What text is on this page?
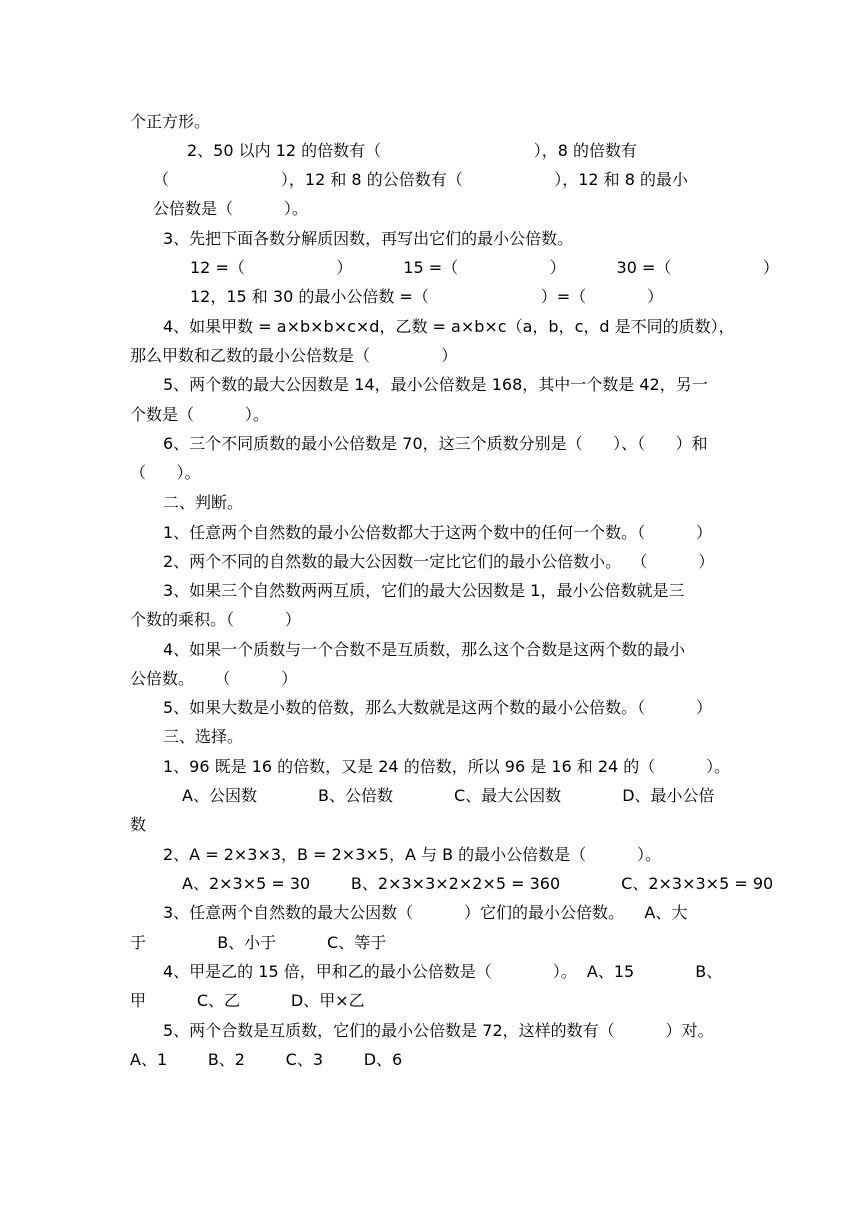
个正方形。
2、50 以内 12 的倍数有（                              ），8 的倍数有
（                      ），12 和 8 的公倍数有（                  ），12 和 8 的最小
公倍数是（          ）。
3、先把下面各数分解质因数，再写出它们的最小公倍数。
12 =（                  ）          15 =（                  ）          30 =（                  ）
12，15 和 30 的最小公倍数 =（                      ）=（            ）
4、如果甲数 = a×b×b×c×d，乙数 = a×b×c（a，b，c，d 是不同的质数），
那么甲数和乙数的最小公倍数是（              ）
5、两个数的最大公因数是 14，最小公倍数是 168，其中一个数是 42，另一
个数是（          ）。
6、三个不同质数的最小公倍数是 70，这三个质数分别是（      ）、（      ）和
（      ）。
二、判断。
1、任意两个自然数的最小公倍数都大于这两个数中的任何一个数。（          ）
2、两个不同的自然数的最大公因数一定比它们的最小公倍数小。  （          ）
3、如果三个自然数两两互质，它们的最大公因数是 1，最小公倍数就是三
个数的乘积。（          ）
4、如果一个质数与一个合数不是互质数，那么这个合数是这两个数的最小
公倍数。    （          ）
5、如果大数是小数的倍数，那么大数就是这两个数的最小公倍数。（          ）
三、选择。
1、96 既是 16 的倍数，又是 24 的倍数，所以 96 是 16 和 24 的（          ）。
A、公因数            B、公倍数            C、最大公因数            D、最小公倍
数
2、A = 2×3×3，B = 2×3×5，A 与 B 的最小公倍数是（          ）。
A、2×3×5 = 30        B、2×3×3×2×2×5 = 360            C、2×3×3×5 = 90
3、任意两个自然数的最大公因数（          ）它们的最小公倍数。    A、大
于              B、小于          C、等于
4、甲是乙的 15 倍，甲和乙的最小公倍数是（            ）。  A、15            B、
甲          C、乙          D、甲×乙
5、两个合数是互质数，它们的最小公倍数是 72，这样的数有（          ）对。
A、1        B、2        C、3        D、6
